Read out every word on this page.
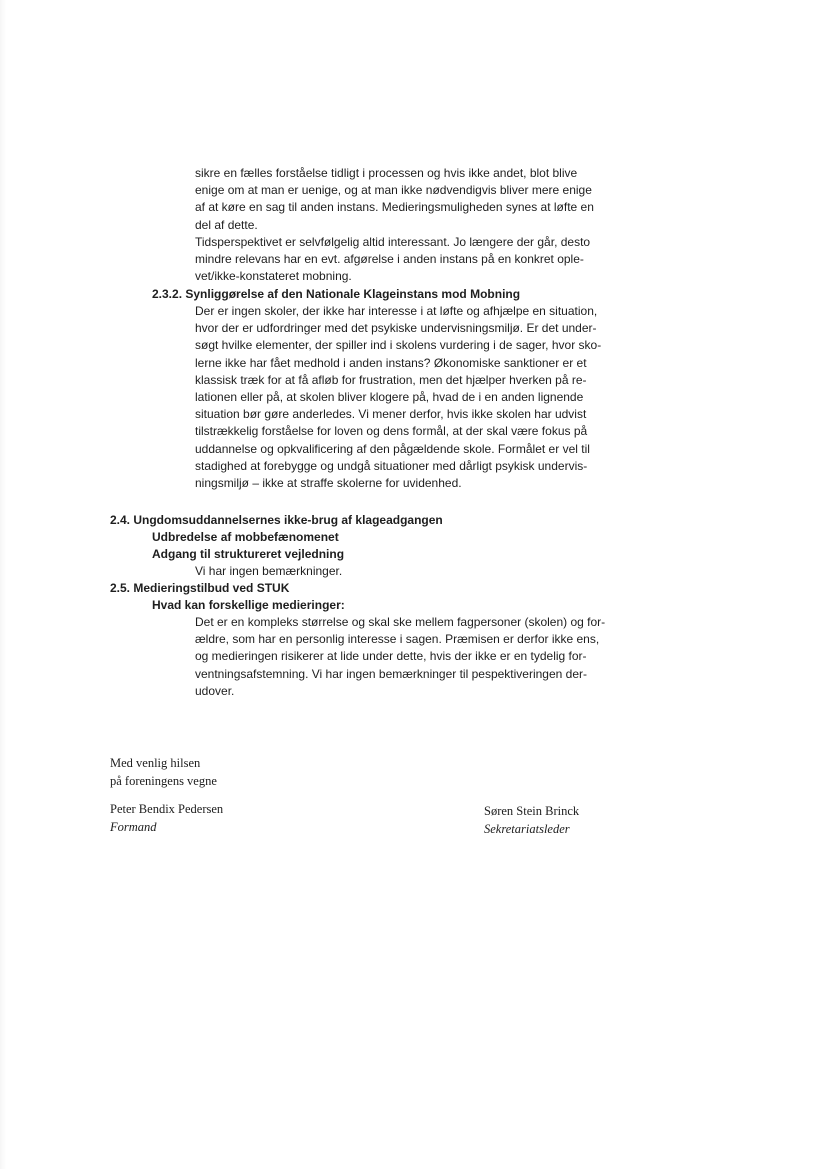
sikre en fælles forståelse tidligt i processen og hvis ikke andet, blot blive

enige om at man er uenige, og at man ikke nødvendigvis bliver mere enige

af at køre en sag til anden instans. Medieringsmuligheden synes at løfte en

del af dette.

Tidsperspektivet er selvfølgelig altid interessant. Jo længere der går, desto

mindre relevans har en evt. afgørelse i anden instans på en konkret ople-

vet/ikke-konstateret mobning.

2.3.2. Synliggørelse af den Nationale Klageinstans mod Mobning

Der er ingen skoler, der ikke har interesse i at løfte og afhjælpe en situation,

hvor der er udfordringer med det psykiske undervisningsmiljø. Er det under-

søgt hvilke elementer, der spiller ind i skolens vurdering i de sager, hvor sko-

lerne ikke har fået medhold i anden instans? Økonomiske sanktioner er et

klassisk træk for at få afløb for frustration, men det hjælper hverken på re-

lationen eller på, at skolen bliver klogere på, hvad de i en anden lignende

situation bør gøre anderledes. Vi mener derfor, hvis ikke skolen har udvist

tilstrækkelig forståelse for loven og dens formål, at der skal være fokus på

uddannelse og opkvalificering af den pågældende skole. Formålet er vel til

stadighed at forebygge og undgå situationer med dårligt psykisk undervis-

ningsmiljø – ikke at straffe skolerne for uvidenhed.

2.4. Ungdomsuddannelsernes ikke-brug af klageadgangen
Udbredelse af mobbefænomenet
Adgang til struktureret vejledning
Vi har ingen bemærkninger.
2.5. Medieringstilbud ved STUK
Hvad kan forskellige medieringer:

Det er en kompleks størrelse og skal ske mellem fagpersoner (skolen) og for-

ældre, som har en personlig interesse i sagen. Præmisen er derfor ikke ens,

og medieringen risikerer at lide under dette, hvis der ikke er en tydelig for-

ventningsafstemning. Vi har ingen bemærkninger til pespektiveringen der-

udover.

Med venlig hilsen
på foreningens vegne
Peter Bendix Pedersen
Formand
Søren Stein Brinck
Sekretariatsleder
